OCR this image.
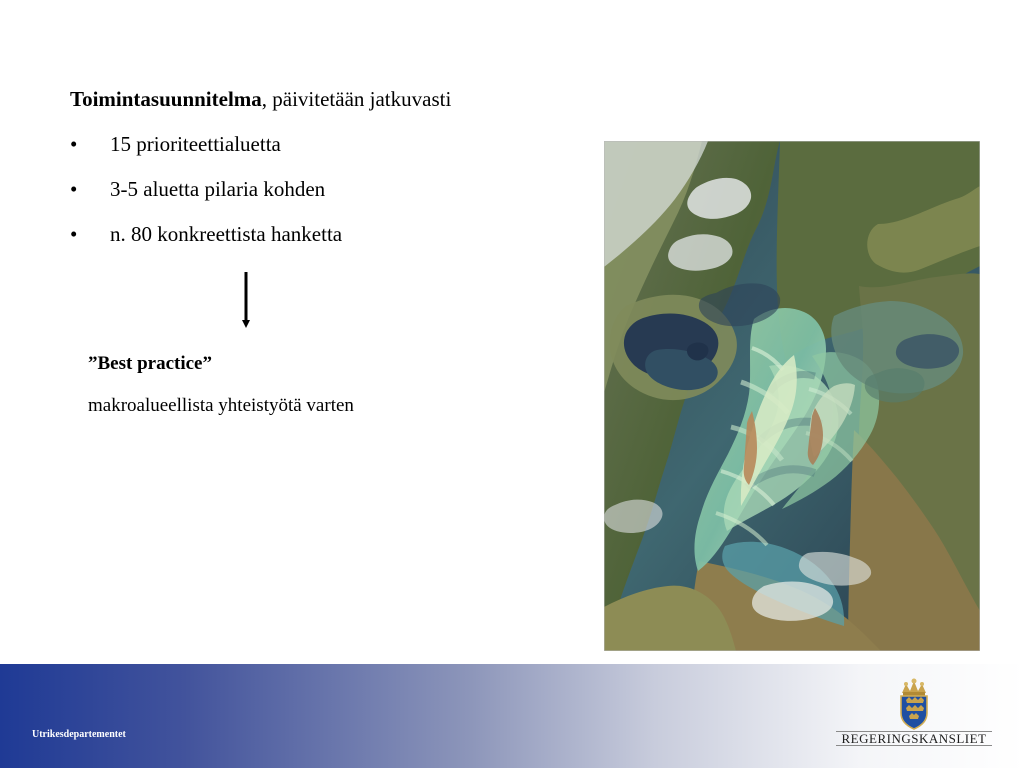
Toimintasuunnitelma, päivitetään jatkuvasti
•	15 prioriteettialuetta
•	3-5 aluetta pilaria kohden
•	n. 80 konkreettista hanketta
”Best practice”
makroalueellista yhteistyötä varten
Utrikesdepartementet	REGERINGSKANSLIET
